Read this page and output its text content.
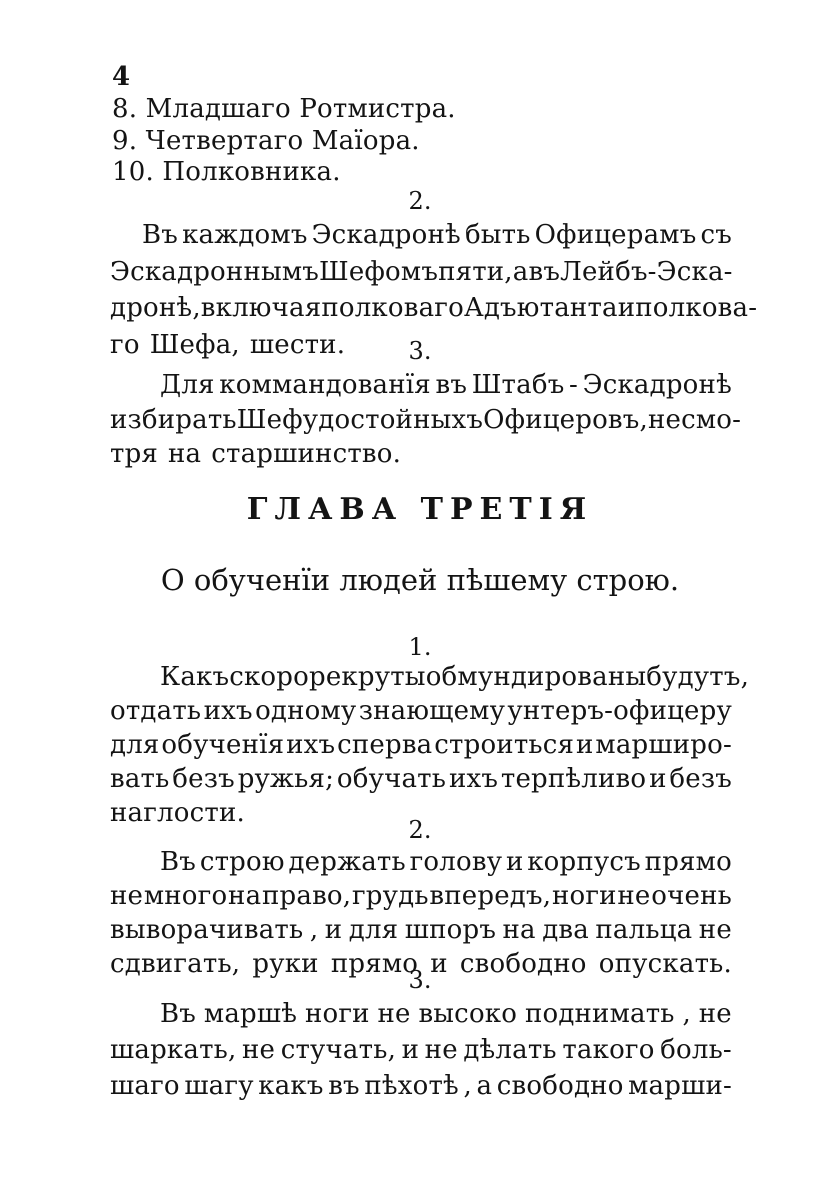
4
8. Младшаго Ротмистра.
9. Четвертаго Маїора.
10. Полковника.
2.
Въ каждомъ Эскадронѣ быть Офицерамъ съ
Эскадроннымъ Шефомъ пяти, а въ Лейбъ-Эска-
дронѣ, включая полковаго Адъютанта и полкова-
го Шефа, шести.	3.
Для коммандованїя въ Штабъ - Эскадронѣ
избирать Шефу достойныхъ Офицеровъ, не смо-
тря на старшинство.
ГЛАВА ТРЕТІЯ
О обученїи людей пѣшему строю.
1.
Какъ скоро рекруты обмундированы будутъ,
отдать ихъ одному знающему унтеръ-офицеру
для обученїя ихъ сперва строиться и марширо-
вать безъ ружья; обучать ихъ терпѣливо и безъ
наглости.
2.
Въ строю держать голову и корпусъ прямо
не много на право, грудь впередъ, ноги не очень
выворачивать , и для шпоръ на два пальца не
сдвигать, руки прямо и свободно опускать.
3.
Въ маршѣ ноги не высоко поднимать , не
шаркать, не стучать, и не дѣлать такого боль-
шаго шагу какъ въ пѣхотѣ , а свободно марши-
